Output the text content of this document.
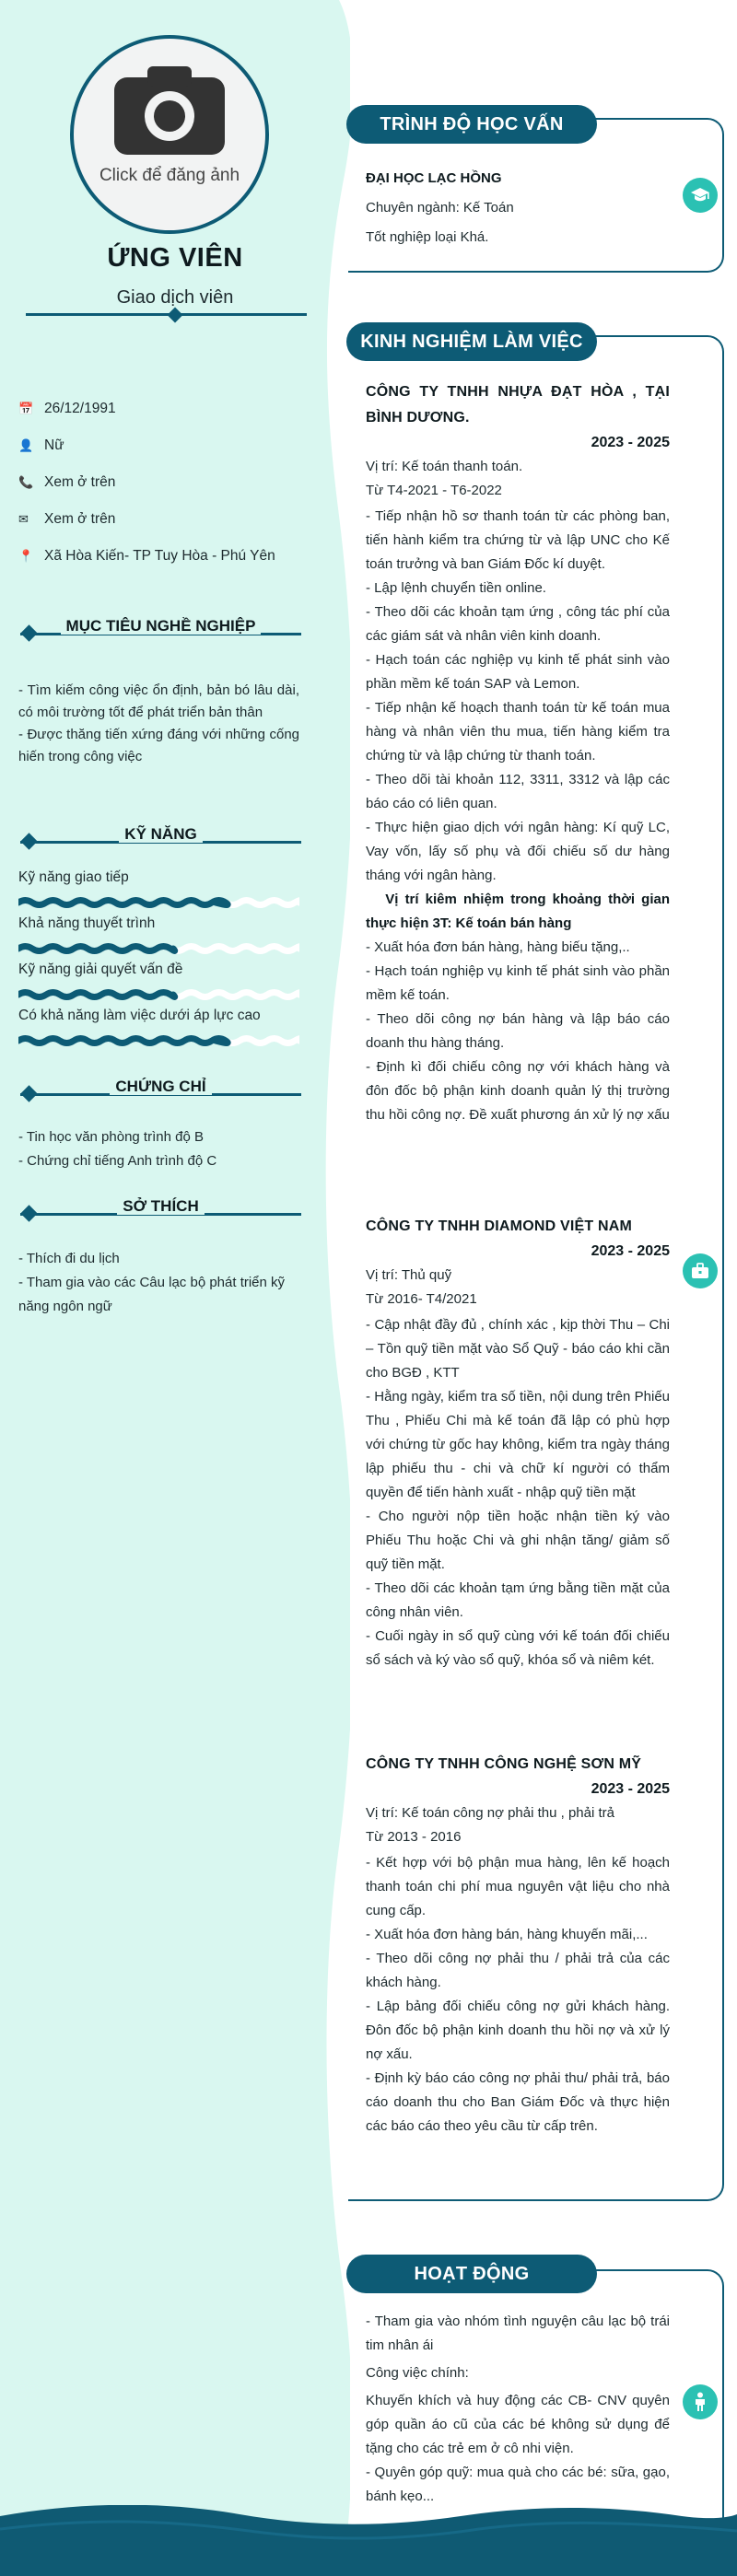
Click để đăng ảnh
ỨNG VIÊN
Giao dịch viên
📅 26/12/1991
👤 Nữ
📞 Xem ở trên
✉	Xem ở trên
📍 Xã Hòa Kiến- TP Tuy Hòa - Phú Yên
MỤC TIÊU NGHỀ NGHIỆP
- Tìm kiếm công việc ổn định, bản bó lâu dài, có môi trường tốt để phát triển bản thân
- Được thăng tiến xứng đáng với những cống hiến trong công việc
KỸ NĂNG
Kỹ năng giao tiếp
Khả năng thuyết trình
Kỹ năng giải quyết vấn đề
Có khả năng làm việc dưới áp lực cao
CHỨNG CHỈ
- Tin học văn phòng trình độ B
- Chứng chỉ tiếng Anh trình độ C
SỞ THÍCH
- Thích đi du lịch
- Tham gia vào các Câu lạc bộ phát triển kỹ năng ngôn ngữ
TRÌNH ĐỘ HỌC VẤN
ĐẠI HỌC LẠC HỒNG
Chuyên ngành: Kế Toán
Tốt nghiệp loại Khá.
KINH NGHIỆM LÀM VIỆC
CÔNG TY TNHH NHỰA ĐẠT HÒA , TẠI BÌNH DƯƠNG.
2023 - 2025
Vị trí: Kế toán thanh toán.
Từ T4-2021 - T6-2022
- Tiếp nhận hồ sơ thanh toán từ các phòng ban, tiến hành kiểm tra chứng từ và lập UNC cho Kế toán trưởng và ban Giám Đốc kí duyệt.
- Lập lệnh chuyển tiền online.
- Theo dõi các khoản tạm ứng , công tác phí của các giám sát và nhân viên kinh doanh.
- Hạch toán các nghiệp vụ kinh tế phát sinh vào phần mềm kế toán SAP và Lemon.
- Tiếp nhận kế hoạch thanh toán từ kế toán mua hàng và nhân viên thu mua, tiến hàng kiểm tra chứng từ và lập chứng từ thanh toán.
- Theo dõi tài khoản 112, 3311, 3312 và lập các báo cáo có liên quan.
- Thực hiện giao dịch với ngân hàng: Kí quỹ LC, Vay vốn, lấy số phụ và đối chiếu số dư hàng tháng với ngân hàng.
Vị trí kiêm nhiệm trong khoảng thời gian thực hiện 3T: Kế toán bán hàng
- Xuất hóa đơn bán hàng, hàng biếu tặng,..
- Hạch toán nghiệp vụ kinh tế phát sinh vào phần mềm kế toán.
- Theo dõi công nợ bán hàng và lập báo cáo doanh thu hàng tháng.
- Định kì đối chiếu công nợ với khách hàng và đôn đốc bộ phận kinh doanh quản lý thị trường thu hồi công nợ. Đề xuất phương án xử lý nợ xấu
CÔNG TY TNHH DIAMOND VIỆT NAM
2023 - 2025
Vị trí: Thủ quỹ
Từ 2016- T4/2021
- Cập nhật đầy đủ , chính xác , kịp thời Thu – Chi – Tồn quỹ tiền mặt vào Sổ Quỹ - báo cáo khi cần cho BGĐ , KTT
- Hằng ngày, kiểm tra số tiền, nội dung trên Phiếu Thu , Phiếu Chi mà kế toán đã lập có phù hợp với chứng từ gốc hay không, kiểm tra ngày tháng lập phiếu thu - chi và chữ kí người có thẩm quyền để tiến hành xuất - nhập quỹ tiền mặt
- Cho người nộp tiền hoặc nhận tiền ký vào Phiếu Thu hoặc Chi và ghi nhận tăng/ giảm số quỹ tiền mặt.
- Theo dõi các khoản tạm ứng bằng tiền mặt của công nhân viên.
- Cuối ngày in sổ quỹ cùng với kế toán đối chiếu sổ sách và ký vào sổ quỹ, khóa sổ và niêm két.
CÔNG TY TNHH CÔNG NGHỆ SƠN MỸ
2023 - 2025
Vị trí: Kế toán công nợ phải thu , phải trả
Từ 2013 - 2016
- Kết hợp với bộ phận mua hàng, lên kế hoạch thanh toán chi phí mua nguyên vật liệu cho nhà cung cấp.
- Xuất hóa đơn hàng bán, hàng khuyến mãi,...
- Theo dõi công nợ phải thu / phải trả của các khách hàng.
- Lập bảng đối chiếu công nợ gửi khách hàng. Đôn đốc bộ phận kinh doanh thu hồi nợ và xử lý nợ xấu.
- Định kỳ báo cáo công nợ phải thu/ phải trả, báo cáo doanh thu cho Ban Giám Đốc và thực hiện các báo cáo theo yêu cầu từ cấp trên.
HOẠT ĐỘNG
- Tham gia vào nhóm tình nguyện câu lạc bộ trái tim nhân ái
Công việc chính:
Khuyến khích và huy động các CB- CNV quyên góp quần áo cũ của các bé không sử dụng để tặng cho các trẻ em ở cô nhi viện.
- Quyên góp quỹ: mua quà cho các bé: sữa, gạo, bánh kẹo...
